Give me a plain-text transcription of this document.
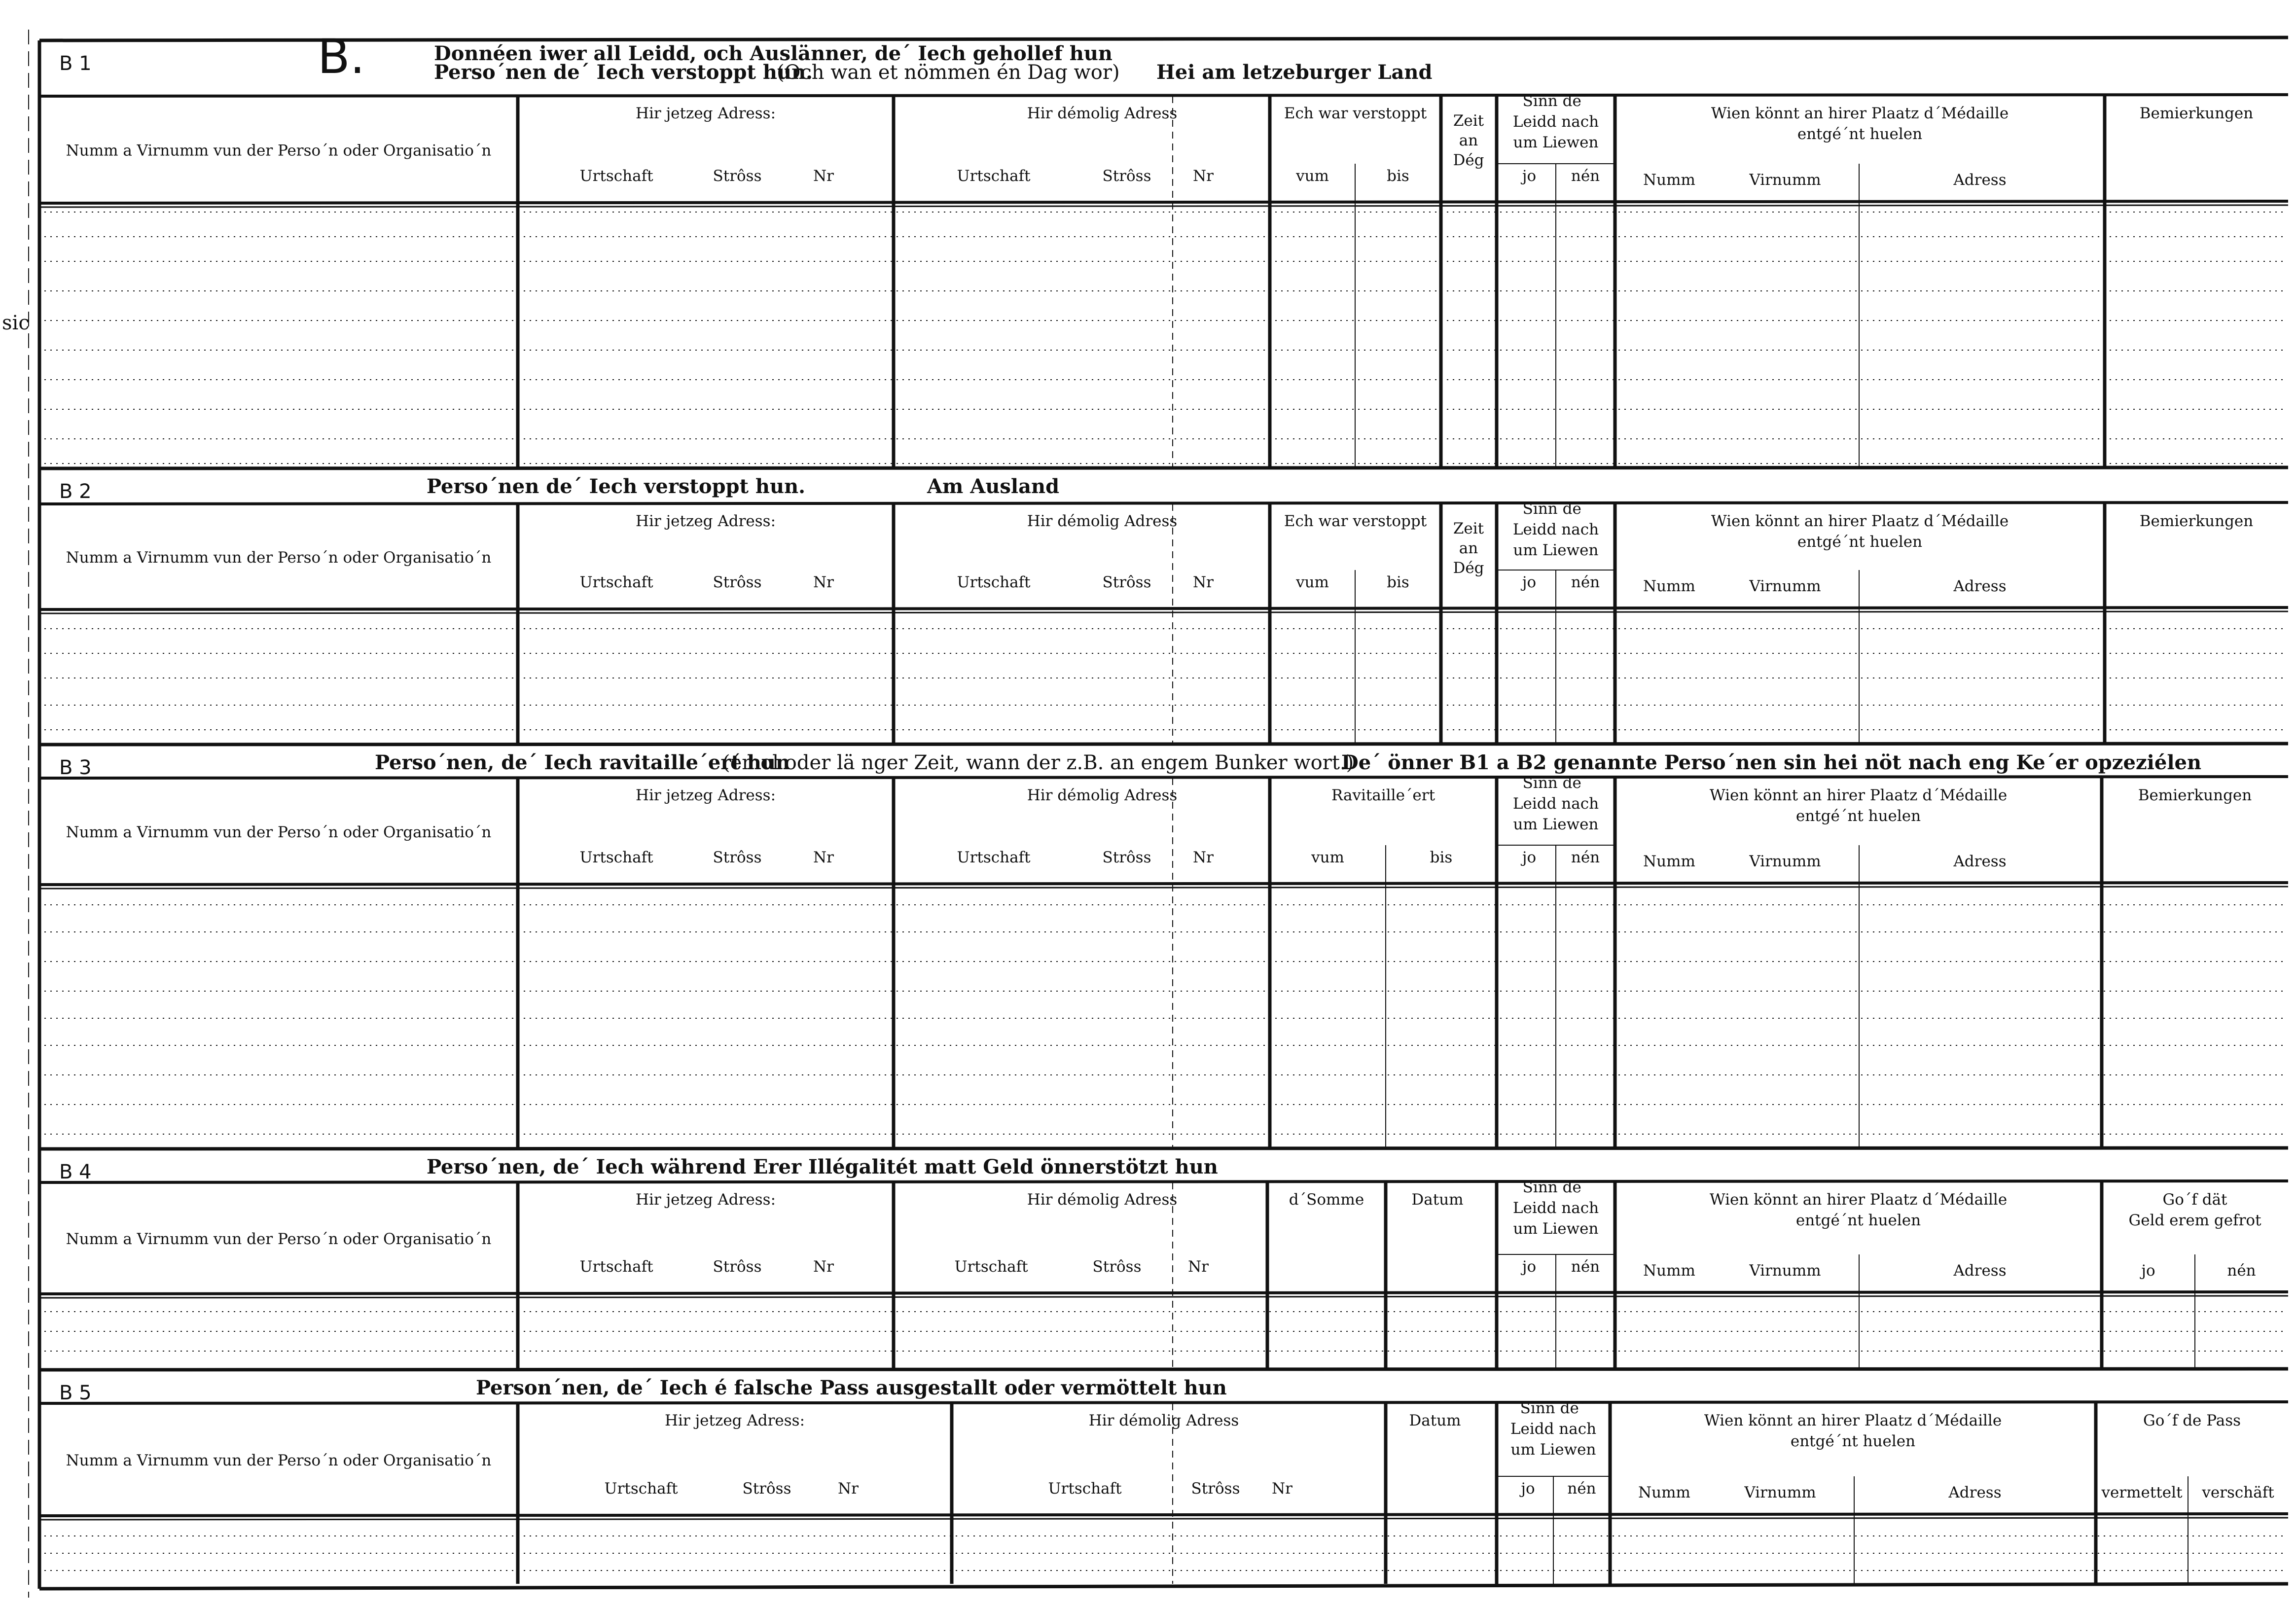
B.
sic
B 1
Numm a Virnumm vun der Perso´n oder Organisatio´n
Donnéen iwer all Leidd, och Auslänner, de´ Iech gehollef hun
Perso´nen de´ Iech verstoppt hun.
(Och wan et nömmen én Dag wor) Hei am letzeburger Land
Hir jetzeg Adress:
Urtschaft	Strôss	Nr
Hir démolig Adress
Urtschaft	Strôss	Nr
Ech war verstoppt
vum	bis
Zeit
an
Dég
Sinn de´
Leidd nach
um Liewen
jo nén
Wien könnt an hirer Plaatz d´Médaille
entgé´nt huelen
Numm	Virnumm	Adress
Bemierkungen
B 2
Numm a Virnumm vun der Perso´n oder Organisatio´n
Perso´nen de´ Iech verstoppt hun.	Am Ausland
Hir jetzeg Adress:
Urtschaft	Strôss	Nr
Hir démolig Adress
Urtschaft	Strôss	Nr
Ech war verstoppt
vum	bis
Zeit
an
Dég
Sinn de´
Leidd nach
um Liewen
jo nén
Wien könnt an hirer Plaatz d´Médaille
entgé´nt huelen
Numm	Virnumm	Adress
Bemierkungen
B 3
Numm a Virnumm vun der Perso´n oder Organisatio´n
Perso´nen, de´ Iech ravitaille´ert hun
(émol oder lä nger Zeit, wann der z.B. an engem Bunker wort.)
De´ önner B1 a B2 genannte Perso´nen sin hei nöt nach eng Ke´er opzeziélen
Hir jetzeg Adress:
Urtschaft	Strôss	Nr
Hir démolig Adress
Urtschaft	Strôss	Nr
Ravitaille´ert
vum	bis
Sinn de´
Leidd nach
um Liewen
jo nén
Wien könnt an hirer Plaatz d´Médaille
entgé´nt huelen
Numm	Virnumm	Adress
Bemierkungen
B 4
Numm a Virnumm vun der Perso´n oder Organisatio´n
Perso´nen, de´ Iech während Erer Illégalitét matt Geld önnerstötzt hun
Hir jetzeg Adress:
Urtschaft	Strôss	Nr
Hir démolig Adress
Urtschaft	Strôss	Nr
d´Somme	Datum
Sinn de´
Leidd nach
um Liewen
jo nén
Wien könnt an hirer Plaatz d´Médaille
entgé´nt huelen
Numm	Virnumm	Adress
Go´f dät
Geld erem gefrot
jo	nén
B 5
Numm a Virnumm vun der Perso´n oder Organisatio´n
Person´nen, de´ Iech é falsche Pass ausgestallt oder vermöttelt hun
Hir jetzeg Adress:
Urtschaft	Strôss	Nr
Hir démolig Adress
Urtschaft	Strôss Nr
Datum
Sinn de´
Leidd nach
um Liewen
jo nén
Wien könnt an hirer Plaatz d´Médaille
entgé´nt huelen
Numm	Virnumm	Adress
Go´f de Pass
vermettelt verschäft
